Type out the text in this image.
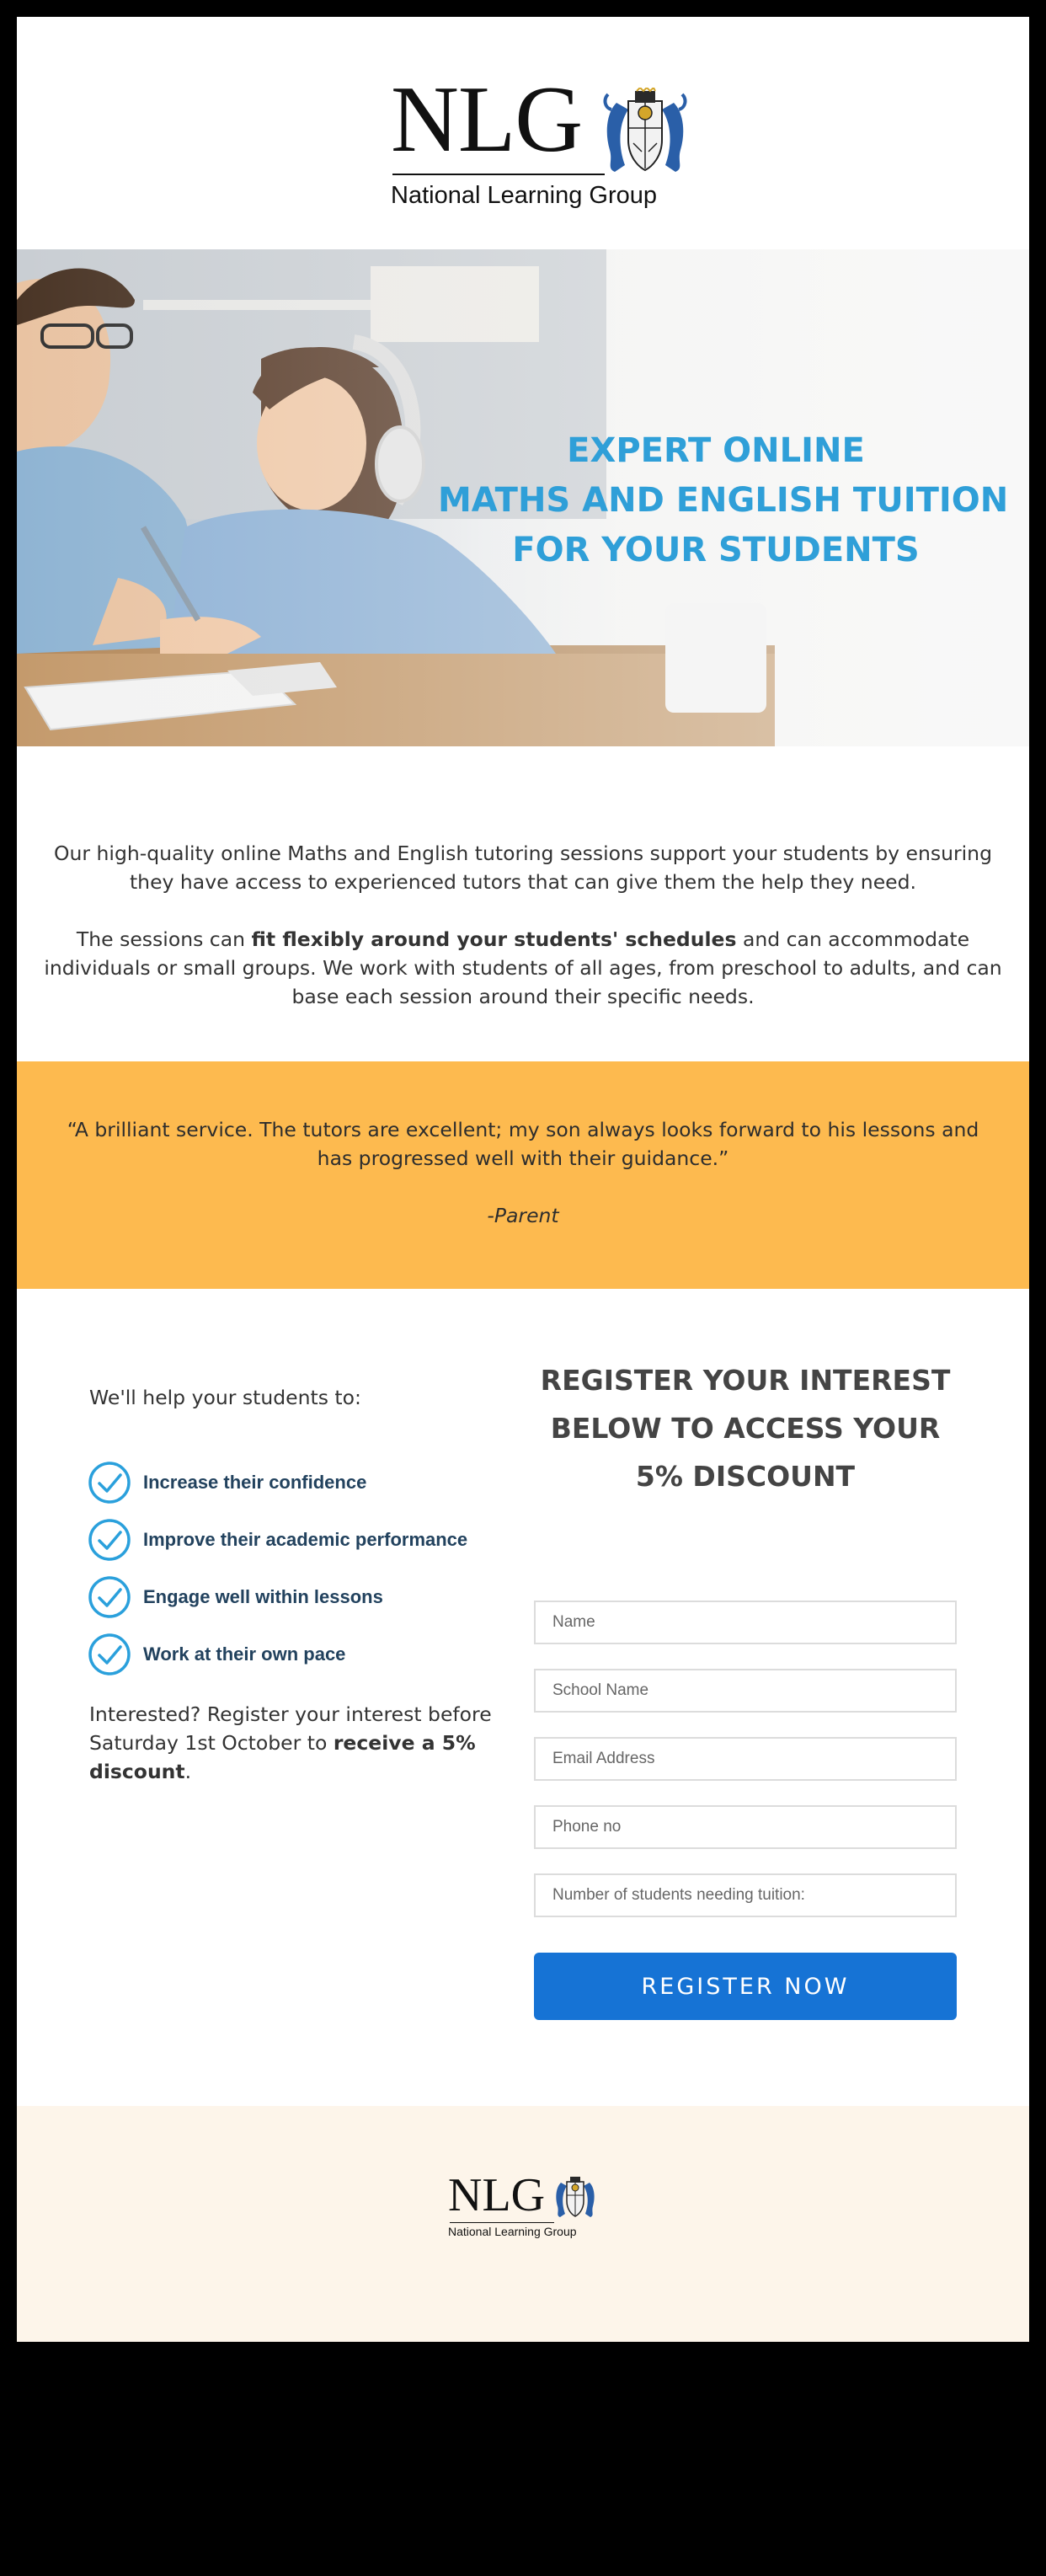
NLG
National Learning Group
EXPERT ONLINE
MATHS AND ENGLISH TUITION
FOR YOUR STUDENTS

Our high-quality online Maths and English tutoring sessions support your students by ensuring they have access to experienced tutors that can give them the help they need.

The sessions can fit flexibly around your students' schedules and can accommodate individuals or small groups. We work with students of all ages, from preschool to adults, and can base each session around their specific needs.

“A brilliant service. The tutors are excellent; my son always looks forward to his lessons and has progressed well with their guidance.”
-Parent
We'll help your students to:
Increase their confidence
Improve their academic performance
Engage well within lessons
Work at their own pace
Interested? Register your interest before Saturday 1st October to receive a 5% discount.
REGISTER YOUR INTEREST BELOW TO ACCESS YOUR 5% DISCOUNT
Name
School Name
Email Address
Phone no
Number of students needing tuition:
REGISTER NOW
NLG
National Learning Group
